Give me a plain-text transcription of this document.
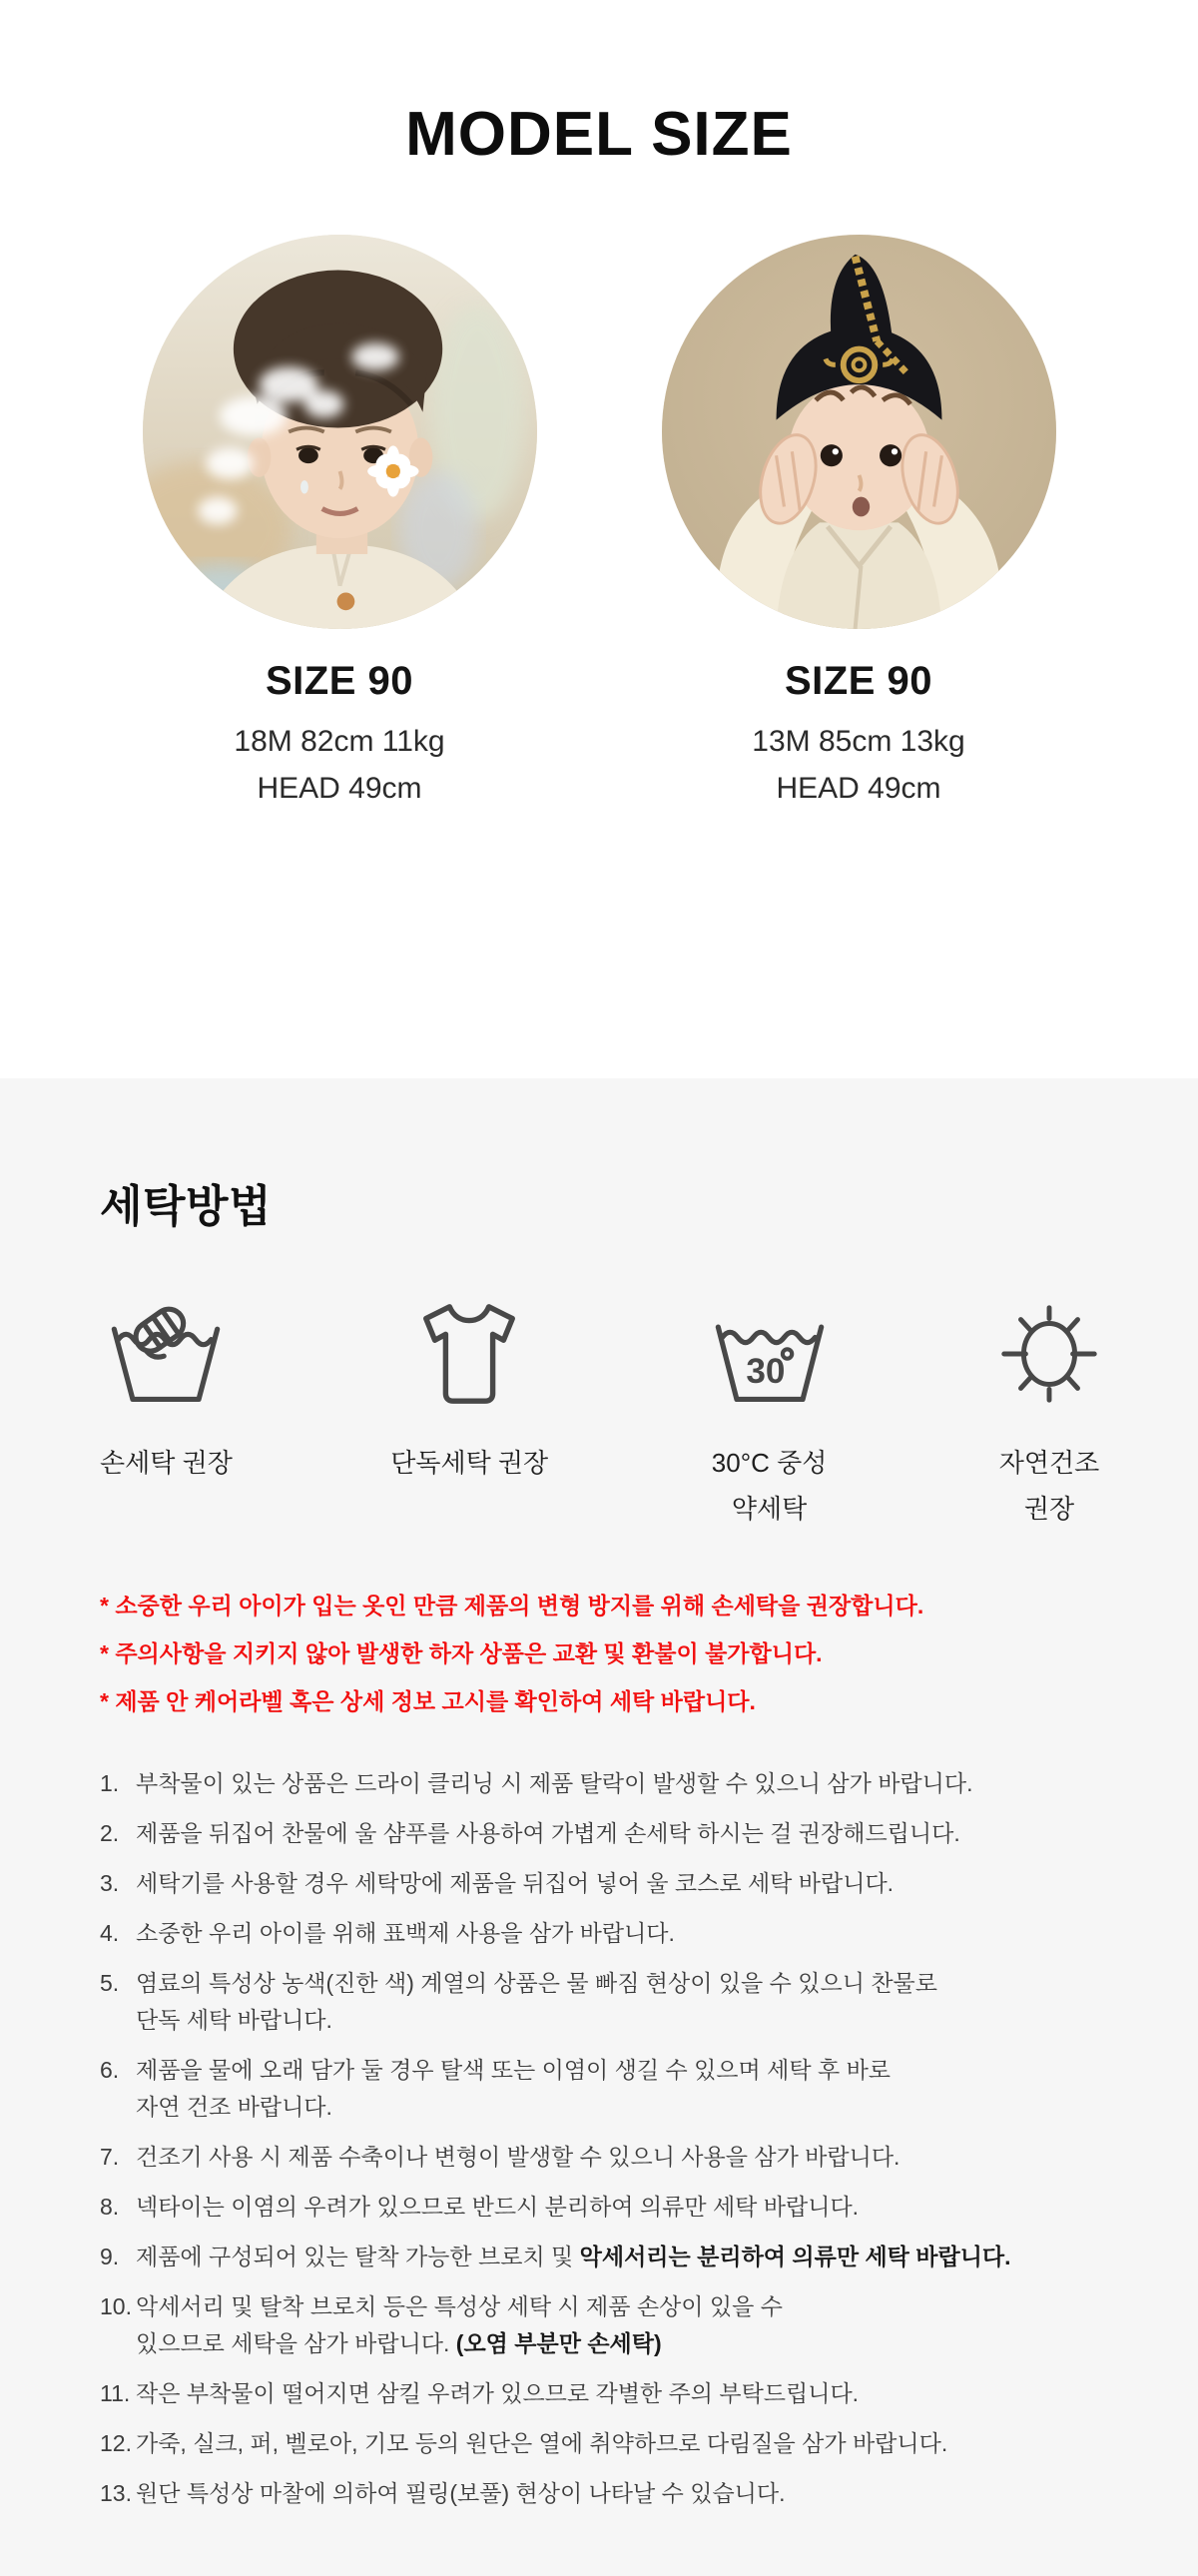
MODEL SIZE
SIZE 90
18M 82cm 11kg
HEAD 49cm
SIZE 90
13M 85cm 13kg
HEAD 49cm
세탁방법
손세탁 권장	단독세탁 권장
30
30°C 중성
약세탁
자연건조
권장
* 소중한 우리 아이가 입는 옷인 만큼 제품의 변형 방지를 위해 손세탁을 권장합니다.
* 주의사항을 지키지 않아 발생한 하자 상품은 교환 및 환불이 불가합니다.
* 제품 안 케어라벨 혹은 상세 정보 고시를 확인하여 세탁 바랍니다.
1. 부착물이 있는 상품은 드라이 클리닝 시 제품 탈락이 발생할 수 있으니 삼가 바랍니다.
2. 제품을 뒤집어 찬물에 울 샴푸를 사용하여 가볍게 손세탁 하시는 걸 권장해드립니다.
3. 세탁기를 사용할 경우 세탁망에 제품을 뒤집어 넣어 울 코스로 세탁 바랍니다.
4. 소중한 우리 아이를 위해 표백제 사용을 삼가 바랍니다.
5. 염료의 특성상 농색(진한 색) 계열의 상품은 물 빠짐 현상이 있을 수 있으니 찬물로
단독 세탁 바랍니다.
6. 제품을 물에 오래 담가 둘 경우 탈색 또는 이염이 생길 수 있으며 세탁 후 바로
자연 건조 바랍니다.
7. 건조기 사용 시 제품 수축이나 변형이 발생할 수 있으니 사용을 삼가 바랍니다.
8. 넥타이는 이염의 우려가 있으므로 반드시 분리하여 의류만 세탁 바랍니다.
9. 제품에 구성되어 있는 탈착 가능한 브로치 및 악세서리는 분리하여 의류만 세탁 바랍니다.
10. 악세서리 및 탈착 브로치 등은 특성상 세탁 시 제품 손상이 있을 수
있으므로 세탁을 삼가 바랍니다. (오염 부분만 손세탁)
11. 작은 부착물이 떨어지면 삼킬 우려가 있으므로 각별한 주의 부탁드립니다.
12. 가죽, 실크, 퍼, 벨로아, 기모 등의 원단은 열에 취약하므로 다림질을 삼가 바랍니다.
13. 원단 특성상 마찰에 의하여 필링(보풀) 현상이 나타날 수 있습니다.
